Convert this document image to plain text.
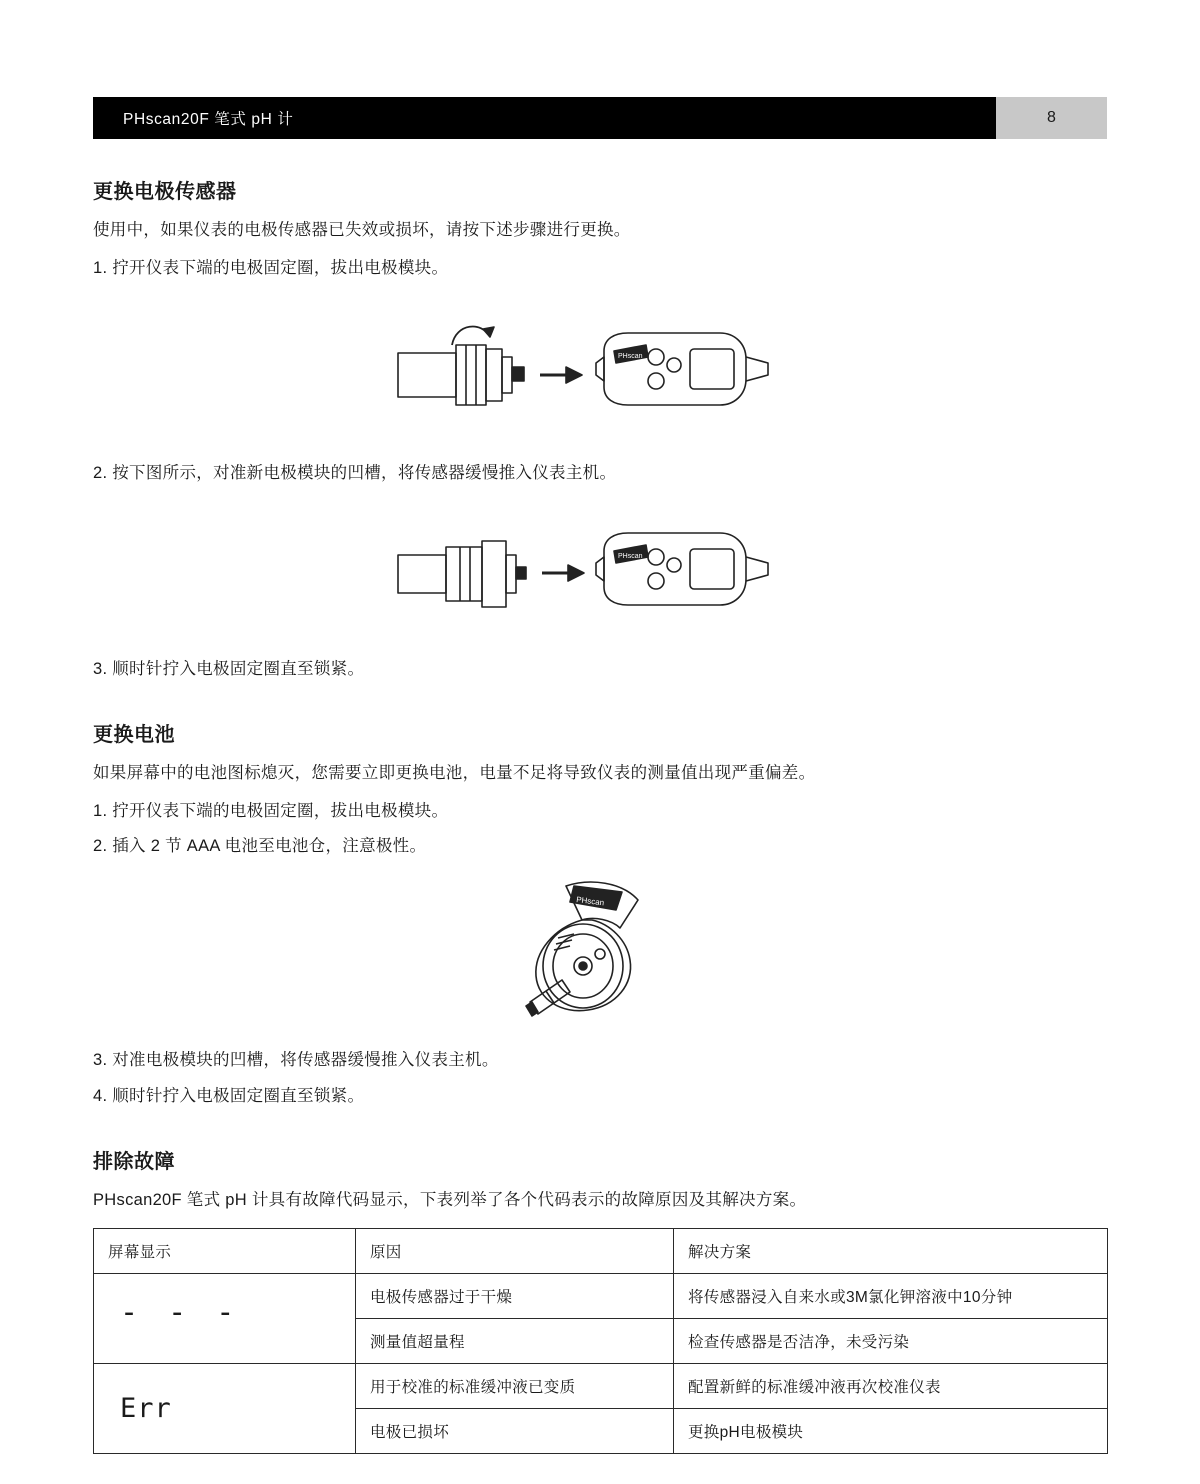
PHscan20F 笔式 pH 计	8
更换电极传感器

使用中，如果仪表的电极传感器已失效或损坏，请按下述步骤进行更换。

1. 拧开仪表下端的电极固定圈，拔出电极模块。

PHscan

2. 按下图所示，对准新电极模块的凹槽，将传感器缓慢推入仪表主机。

PHscan

3. 顺时针拧入电极固定圈直至锁紧。

更换电池

如果屏幕中的电池图标熄灭，您需要立即更换电池，电量不足将导致仪表的测量值出现严重偏差。

1. 拧开仪表下端的电极固定圈，拔出电极模块。

2. 插入 2 节 AAA 电池至电池仓，注意极性。

PHscan

3. 对准电极模块的凹槽，将传感器缓慢推入仪表主机。

4. 顺时针拧入电极固定圈直至锁紧。

排除故障

PHscan20F 笔式 pH 计具有故障代码显示，下表列举了各个代码表示的故障原因及其解决方案。

屏幕显示	原因	解决方案
- - -	电极传感器过于干燥	将传感器浸入自来水或3M氯化钾溶液中10分钟
	测量值超量程	检查传感器是否洁净，未受污染
Err	用于校准的标准缓冲液已变质	配置新鲜的标准缓冲液再次校准仪表
	电极已损坏	更换pH电极模块
